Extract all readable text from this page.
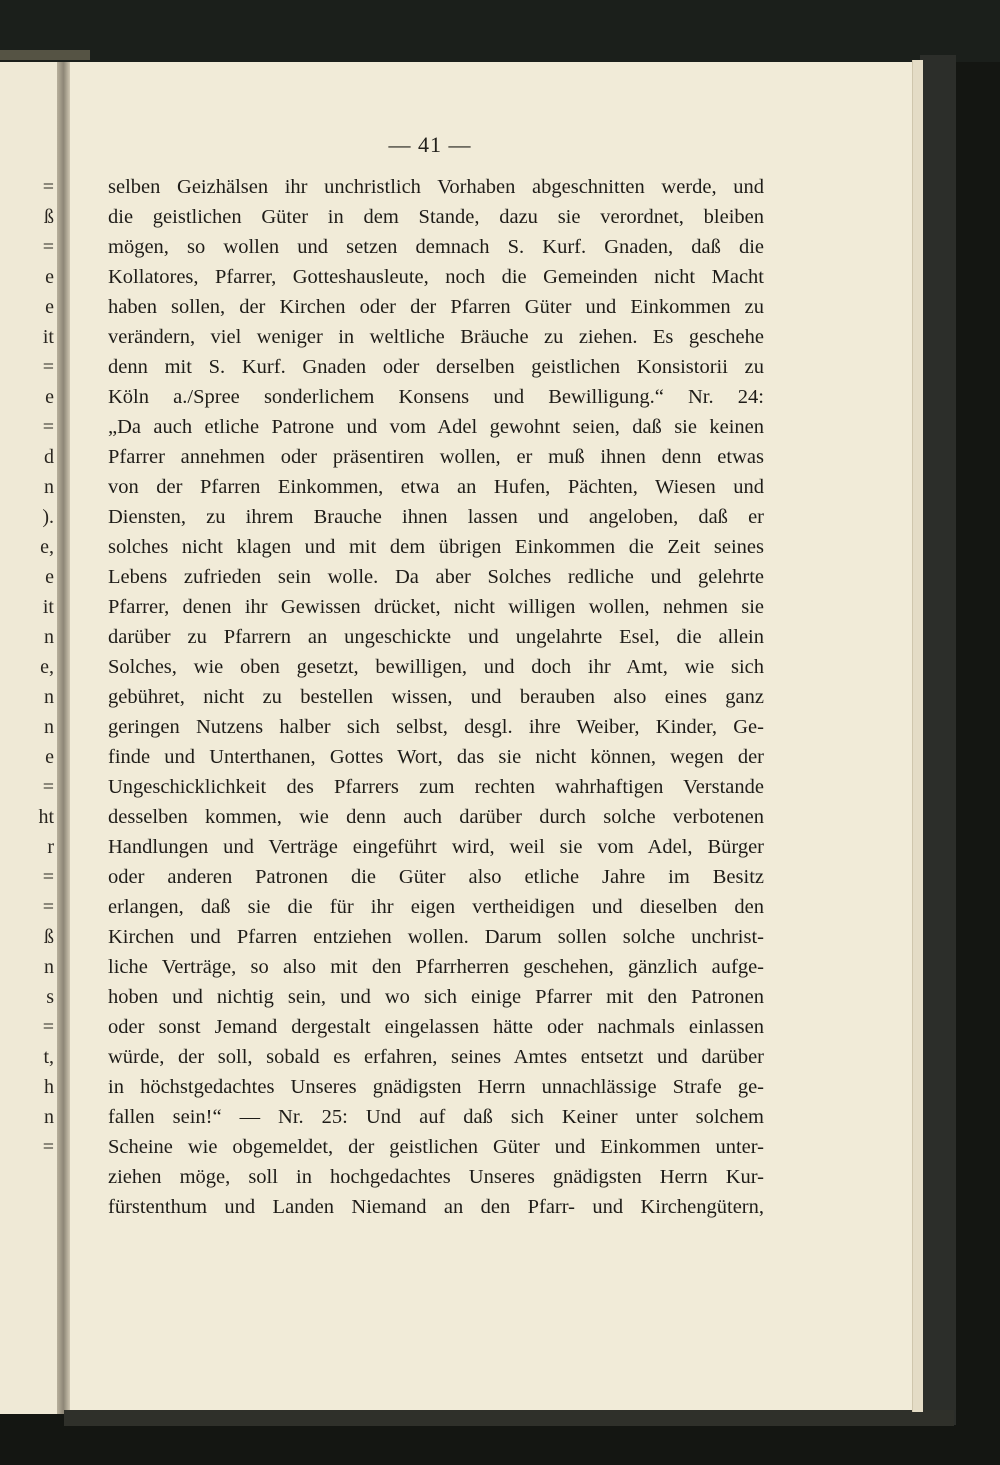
=
ß
=
e
e
it
=
e
=
d
n
).
e,
e
it
n
e,
n
n
e
=
ht
r
=
=
ß
n
s
=
t,
h
n
=
— 41 —
selben Geizhälsen ihr unchristlich Vorhaben abgeschnitten werde, und
die geistlichen Güter in dem Stande, dazu sie verordnet, bleiben
mögen, so wollen und setzen demnach S. Kurf. Gnaden, daß die
Kollatores, Pfarrer, Gotteshausleute, noch die Gemeinden nicht Macht
haben sollen, der Kirchen oder der Pfarren Güter und Einkommen zu
verändern, viel weniger in weltliche Bräuche zu ziehen. Es geschehe
denn mit S. Kurf. Gnaden oder derselben geistlichen Konsistorii zu
Köln a./Spree sonderlichem Konsens und Bewilligung.“ Nr. 24:
„Da auch etliche Patrone und vom Adel gewohnt seien, daß sie keinen
Pfarrer annehmen oder präsentiren wollen, er muß ihnen denn etwas
von der Pfarren Einkommen, etwa an Hufen, Pächten, Wiesen und
Diensten, zu ihrem Brauche ihnen lassen und angeloben, daß er
solches nicht klagen und mit dem übrigen Einkommen die Zeit seines
Lebens zufrieden sein wolle. Da aber Solches redliche und gelehrte
Pfarrer, denen ihr Gewissen drücket, nicht willigen wollen, nehmen sie
darüber zu Pfarrern an ungeschickte und ungelahrte Esel, die allein
Solches, wie oben gesetzt, bewilligen, und doch ihr Amt, wie sich
gebühret, nicht zu bestellen wissen, und berauben also eines ganz
geringen Nutzens halber sich selbst, desgl. ihre Weiber, Kinder, Ge-
finde und Unterthanen, Gottes Wort, das sie nicht können, wegen der
Ungeschicklichkeit des Pfarrers zum rechten wahrhaftigen Verstande
desselben kommen, wie denn auch darüber durch solche verbotenen
Handlungen und Verträge eingeführt wird, weil sie vom Adel, Bürger
oder anderen Patronen die Güter also etliche Jahre im Besitz
erlangen, daß sie die für ihr eigen vertheidigen und dieselben den
Kirchen und Pfarren entziehen wollen. Darum sollen solche unchrist-
liche Verträge, so also mit den Pfarrherren geschehen, gänzlich aufge-
hoben und nichtig sein, und wo sich einige Pfarrer mit den Patronen
oder sonst Jemand dergestalt eingelassen hätte oder nachmals einlassen
würde, der soll, sobald es erfahren, seines Amtes entsetzt und darüber
in höchstgedachtes Unseres gnädigsten Herrn unnachlässige Strafe ge-
fallen sein!“ — Nr. 25: Und auf daß sich Keiner unter solchem
Scheine wie obgemeldet, der geistlichen Güter und Einkommen unter-
ziehen möge, soll in hochgedachtes Unseres gnädigsten Herrn Kur-
fürstenthum und Landen Niemand an den Pfarr- und Kirchengütern,
